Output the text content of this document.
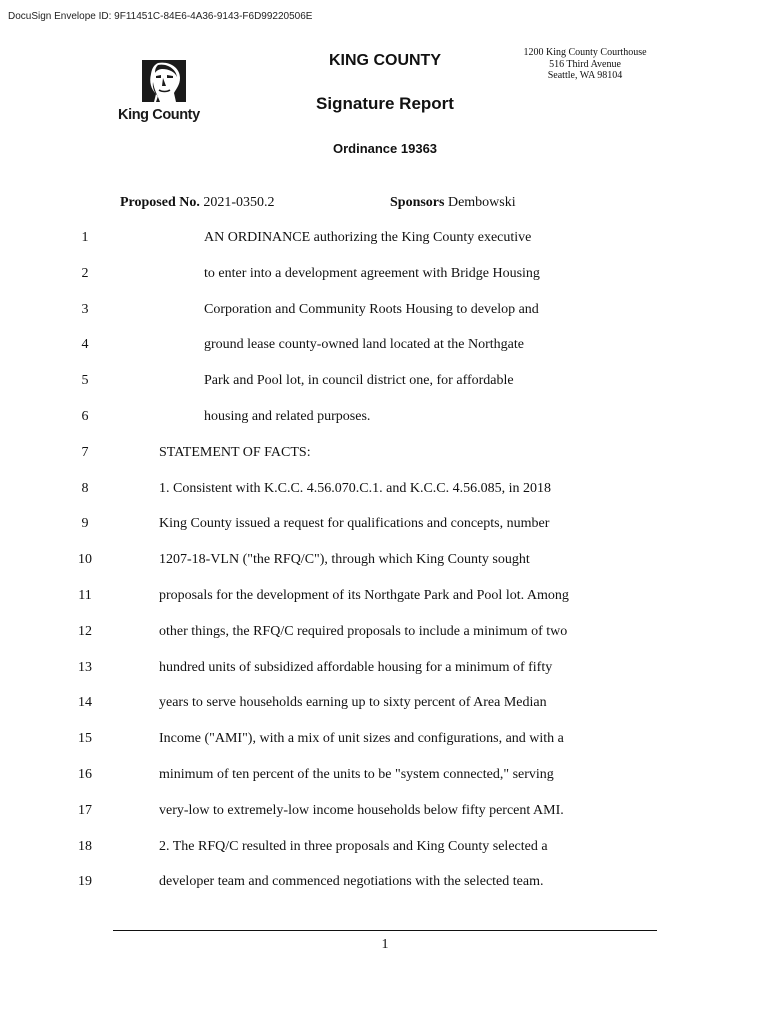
DocuSign Envelope ID: 9F11451C-84E6-4A36-9143-F6D99220506E
King County
KING COUNTY
Signature Report
Ordinance 19363
1200 King County Courthouse
516 Third Avenue
Seattle, WA 98104
Proposed No. 2021-0350.2	Sponsors Dembowski
1	AN ORDINANCE authorizing the King County executive
2	to enter into a development agreement with Bridge Housing
3	Corporation and Community Roots Housing to develop and
4	ground lease county-owned land located at the Northgate
5	Park and Pool lot, in council district one, for affordable
6	housing and related purposes.
7	STATEMENT OF FACTS:
8	1. Consistent with K.C.C. 4.56.070.C.1. and K.C.C. 4.56.085, in 2018
9	King County issued a request for qualifications and concepts, number
10	1207-18-VLN ("the RFQ/C"), through which King County sought
11	proposals for the development of its Northgate Park and Pool lot. Among
12	other things, the RFQ/C required proposals to include a minimum of two
13	hundred units of subsidized affordable housing for a minimum of fifty
14	years to serve households earning up to sixty percent of Area Median
15	Income ("AMI"), with a mix of unit sizes and configurations, and with a
16	minimum of ten percent of the units to be "system connected," serving
17	very-low to extremely-low income households below fifty percent AMI.
18	2. The RFQ/C resulted in three proposals and King County selected a
19	developer team and commenced negotiations with the selected team.
1
